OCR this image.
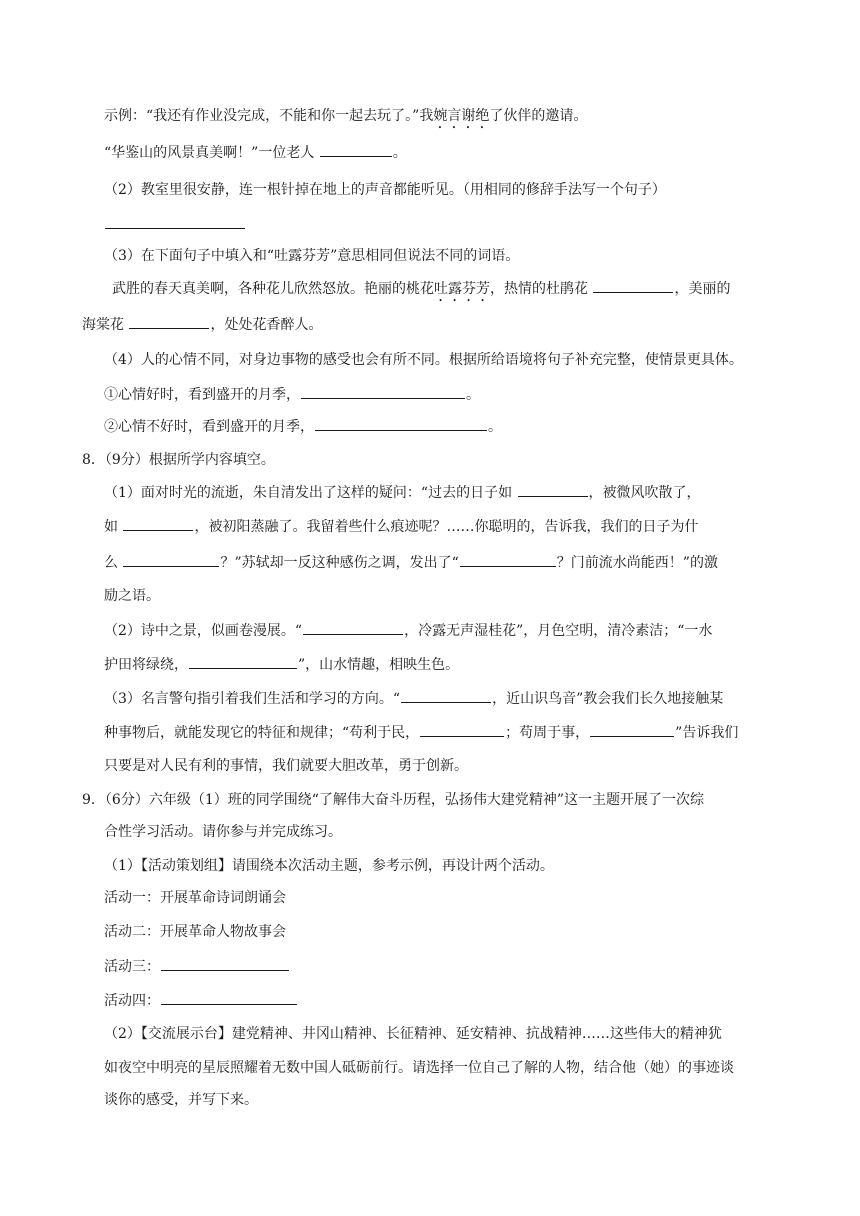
示例：“我还有作业没完成，不能和你一起去玩了。”我婉言谢绝了伙伴的邀请。
“华鉴山的风景真美啊！”一位老人	。
（2）教室里很安静，连一根针掉在地上的声音都能听见。（用相同的修辞手法写一个句子）
（3）在下面句子中填入和“吐露芬芳”意思相同但说法不同的词语。
武胜的春天真美啊，各种花儿欣然怒放。艳丽的桃花吐露芬芳，热情的杜鹃花	，美丽的
海棠花	，处处花香醉人。
（4）人的心情不同，对身边事物的感受也会有所不同。根据所给语境将句子补充完整，使情景更具体。
①心情好时，看到盛开的月季，	。
②心情不好时，看到盛开的月季，	。
8．（9分）根据所学内容填空。
（1）面对时光的流逝，朱自清发出了这样的疑问：“过去的日子如	，被微风吹散了，
如	，被初阳蒸融了。我留着些什么痕迹呢？……你聪明的，告诉我，我们的日子为什
么	？”苏轼却一反这种感伤之调，发出了“	？门前流水尚能西！”的激
励之语。
（2）诗中之景，似画卷漫展。“	，冷露无声湿桂花”，月色空明，清冷素洁；“一水
护田将绿绕，	”，山水情趣，相映生色。
（3）名言警句指引着我们生活和学习的方向。“	，近山识鸟音”教会我们长久地接触某
种事物后，就能发现它的特征和规律；“苟利于民，	；苟周于事，	”告诉我们
只要是对人民有利的事情，我们就要大胆改革，勇于创新。
9．（6分）六年级（1）班的同学围绕“了解伟大奋斗历程，弘扬伟大建党精神”这一主题开展了一次综
合性学习活动。请你参与并完成练习。
（1）【活动策划组】请围绕本次活动主题，参考示例，再设计两个活动。
活动一：开展革命诗词朗诵会
活动二：开展革命人物故事会
活动三：
活动四：
（2）【交流展示台】建党精神、井冈山精神、长征精神、延安精神、抗战精神……这些伟大的精神犹
如夜空中明亮的星辰照耀着无数中国人砥砺前行。请选择一位自己了解的人物，结合他（她）的事迹谈
谈你的感受，并写下来。
